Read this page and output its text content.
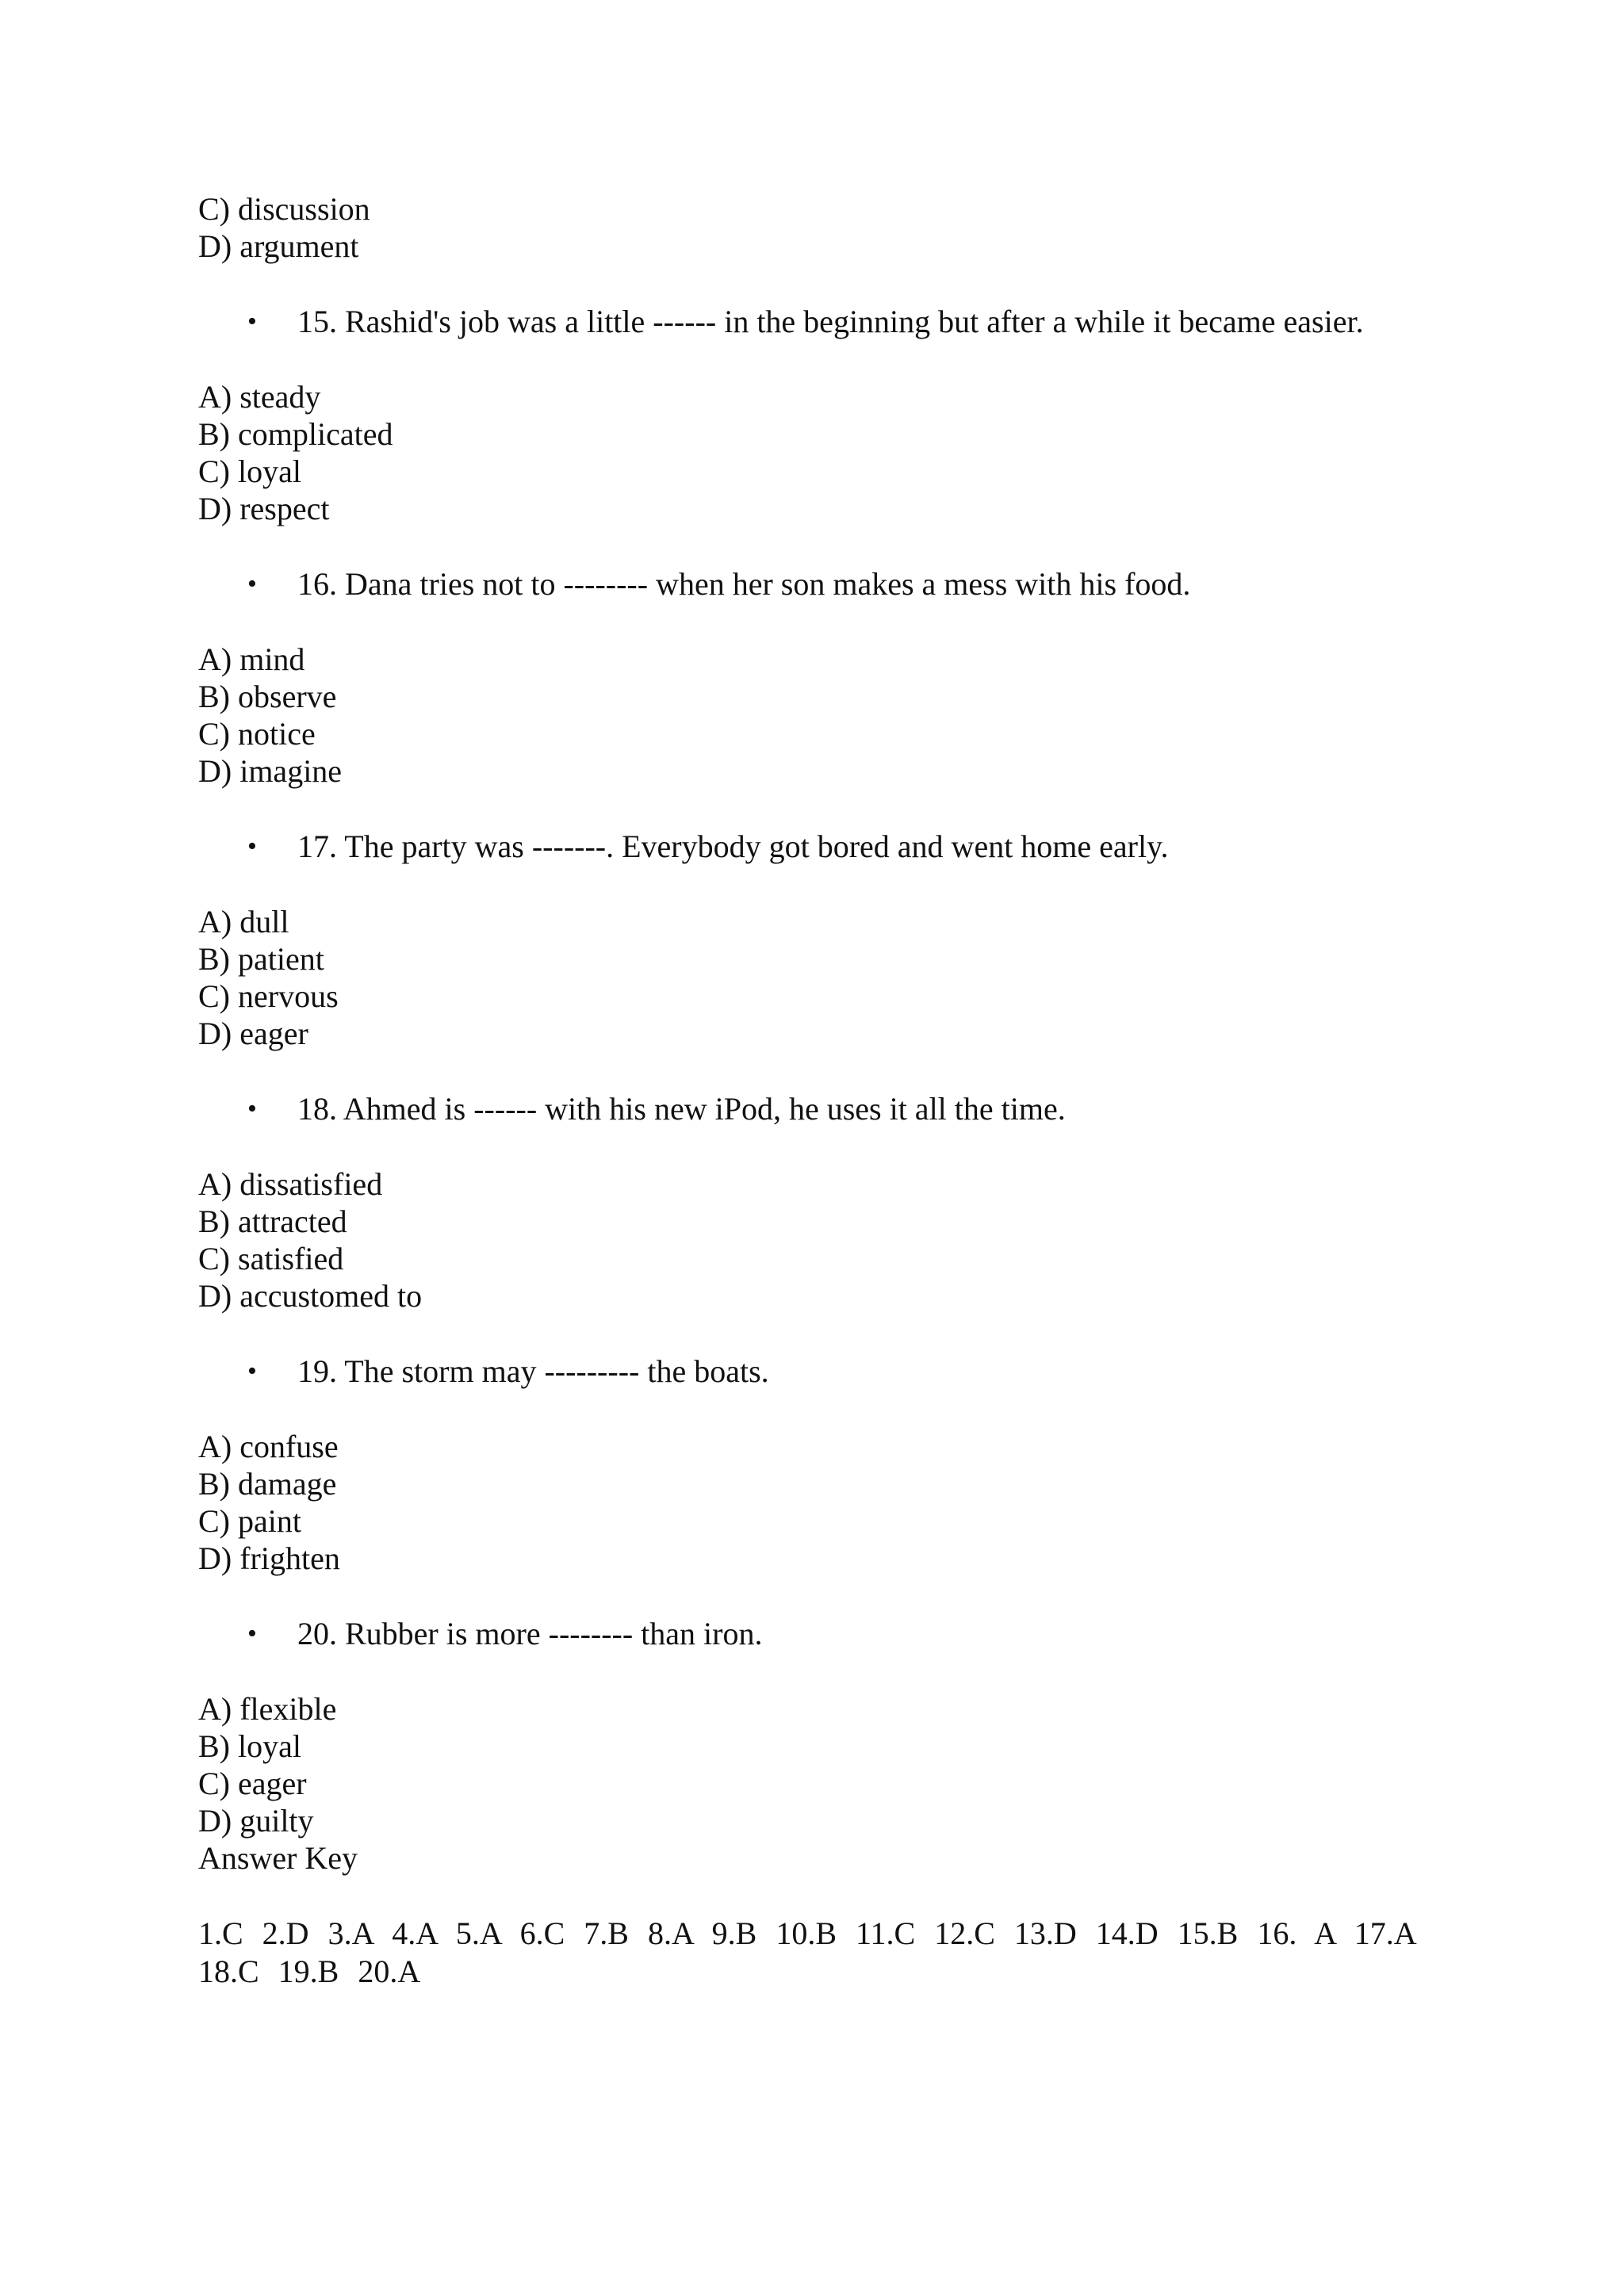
C) discussion
D) argument
• 15. Rashid's job was a little ------ in the beginning but after a while it became easier.
A) steady
B) complicated
C) loyal
D) respect
• 16. Dana tries not to -------- when her son makes a mess with his food.
A) mind
B) observe
C) notice
D) imagine
• 17. The party was -------. Everybody got bored and went home early.
A) dull
B) patient
C) nervous
D) eager
• 18. Ahmed is ------ with his new iPod, he uses it all the time.
A) dissatisfied
B) attracted
C) satisfied
D) accustomed to
• 19. The storm may --------- the boats.
A) confuse
B) damage
C) paint
D) frighten
• 20. Rubber is more -------- than iron.
A) flexible
B) loyal
C) eager
D) guilty
Answer Key
1.C 2.D 3.A 4.A 5.A 6.C 7.B 8.A 9.B 10.B 11.C 12.C 13.D 14.D 15.B 16. A 17.A 18.C 19.B 20.A
